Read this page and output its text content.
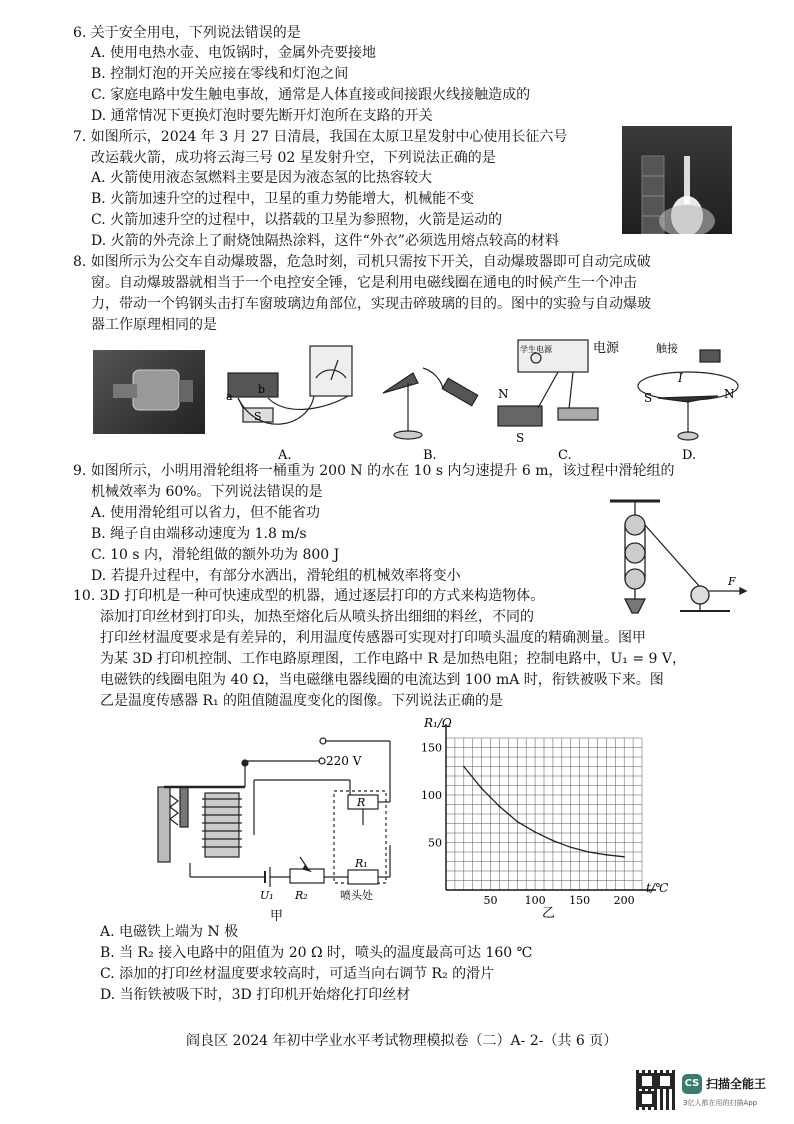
6. 关于安全用电，下列说法错误的是
A. 使用电热水壶、电饭锅时，金属外壳要接地
B. 控制灯泡的开关应接在零线和灯泡之间
C. 家庭电路中发生触电事故，通常是人体直接或间接跟火线接触造成的
D. 通常情况下更换灯泡时要先断开灯泡所在支路的开关
7. 如图所示，2024 年 3 月 27 日清晨，我国在太原卫星发射中心使用长征六号
改运载火箭，成功将云海三号 02 星发射升空，下列说法正确的是
A. 火箭使用液态氢燃料主要是因为液态氢的比热容较大
B. 火箭加速升空的过程中，卫星的重力势能增大，机械能不变
C. 火箭加速升空的过程中，以搭载的卫星为参照物，火箭是运动的
D. 火箭的外壳涂上了耐烧蚀隔热涂料，这件“外衣”必须选用熔点较高的材料
8. 如图所示为公交车自动爆玻器，危急时刻，司机只需按下开关，自动爆玻器即可自动完成破
窗。自动爆玻器就相当于一个电控安全锤，它是利用电磁线圈在通电的时候产生一个冲击
力，带动一个钨钢头击打车窗玻璃边角部位，实现击碎玻璃的目的。图中的实验与自动爆玻
器工作原理相同的是
a
b
S
A.	B.
学生电源	电源
N
S
C.
触接
I
S	N
D.
9. 如图所示，小明用滑轮组将一桶重为 200 N 的水在 10 s 内匀速提升 6 m，该过程中滑轮组的
机械效率为 60%。下列说法错误的是
A. 使用滑轮组可以省力，但不能省功
B. 绳子自由端移动速度为 1.8 m/s
C. 10 s 内，滑轮组做的额外功为 800 J
D. 若提升过程中，有部分水洒出，滑轮组的机械效率将变小	F
10. 3D 打印机是一种可快速成型的机器，通过逐层打印的方式来构造物体。
添加打印丝材到打印头，加热至熔化后从喷头挤出细细的料丝，不同的
打印丝材温度要求是有差异的，利用温度传感器可实现对打印喷头温度的精确测量。图甲
为某 3D 打印机控制、工作电路原理图，工作电路中 R 是加热电阻；控制电路中，U₁ = 9 V，
电磁铁的线圈电阻为 40 Ω，当电磁继电器线圈的电流达到 100 mA 时，衔铁被吸下来。图
乙是温度传感器 R₁ 的阻值随温度变化的图像。下列说法正确的是
220 V
R
R₁
R₂
U₁	喷头处
甲
50 100 150 200
50
100
150
R₁/Ω
t/℃
乙
A. 电磁铁上端为 N 极
B. 当 R₂ 接入电路中的阻值为 20 Ω 时，喷头的温度最高可达 160 ℃
C. 添加的打印丝材温度要求较高时，可适当向右调节 R₂ 的滑片
D. 当衔铁被吸下时，3D 打印机开始熔化打印丝材
阎良区 2024 年初中学业水平考试物理模拟卷（二）A- 2-（共 6 页）
CS 扫描全能王
3亿人都在用的扫描App
